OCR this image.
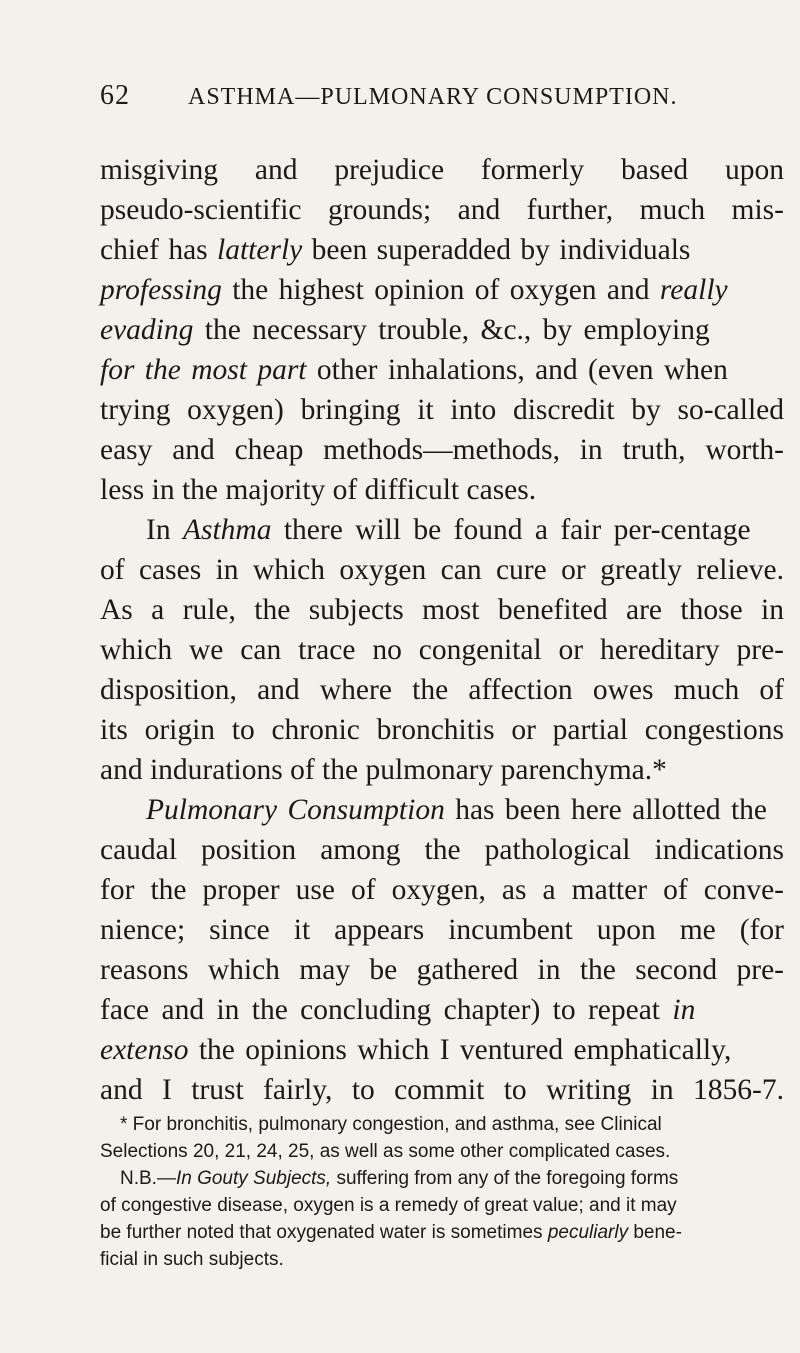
62 ASTHMA—PULMONARY CONSUMPTION.
misgiving and prejudice formerly based upon
pseudo-scientific grounds; and further, much mis-
chief has latterly been superadded by individuals
professing the highest opinion of oxygen and really
evading the necessary trouble, &c., by employing
for the most part other inhalations, and (even when
trying oxygen) bringing it into discredit by so-called
easy and cheap methods—methods, in truth, worth-
less in the majority of difficult cases.
In Asthma there will be found a fair per-centage
of cases in which oxygen can cure or greatly relieve.
As a rule, the subjects most benefited are those in
which we can trace no congenital or hereditary pre-
disposition, and where the affection owes much of
its origin to chronic bronchitis or partial congestions
and indurations of the pulmonary parenchyma.*
Pulmonary Consumption has been here allotted the
caudal position among the pathological indications
for the proper use of oxygen, as a matter of conve-
nience; since it appears incumbent upon me (for
reasons which may be gathered in the second pre-
face and in the concluding chapter) to repeat in
extenso the opinions which I ventured emphatically,
and I trust fairly, to commit to writing in 1856-7.
* For bronchitis, pulmonary congestion, and asthma, see Clinical
Selections 20, 21, 24, 25, as well as some other complicated cases.
N.B.—In Gouty Subjects, suffering from any of the foregoing forms
of congestive disease, oxygen is a remedy of great value; and it may
be further noted that oxygenated water is sometimes peculiarly bene-
ficial in such subjects.
